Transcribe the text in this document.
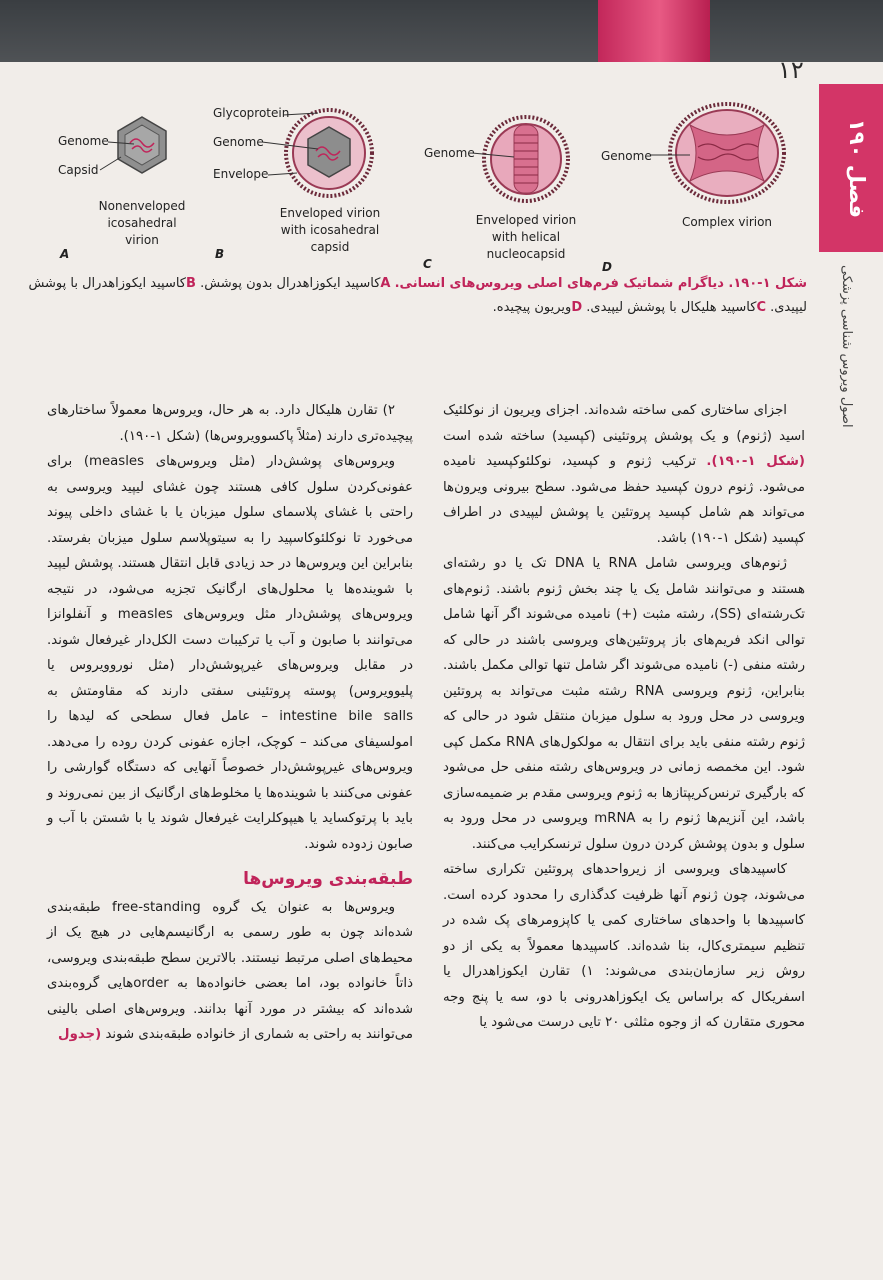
۱۲
فصل ۱۹۰
اصول ویروس شناسی پزشکی
Genome
Capsid
Nonenveloped
icosahedral
virion
A
Glycoprotein
Genome
Envelope
Enveloped virion
with icosahedral
capsid
B
Genome
Enveloped virion
with helical
nucleocapsid
C
Genome
Complex virion
D
شکل ۱-۱۹۰. دیاگرام شماتیک فرم‌های اصلی ویروس‌های انسانی. Aکاسپید ایکوزاهدرال بدون پوشش. Bکاسپید ایکوزاهدرال با پوشش لیپیدی. Cکاسپید هلیکال با پوشش لیپیدی. Dویریون پیچیده.

اجزای ساختاری کمی ساخته شده‌اند. اجزای ویریون از نوکلئیک اسید (ژنوم) و یک پوشش پروتئینی (کپسید) ساخته شده است (شکل ۱-۱۹۰). ترکیب ژنوم و کپسید، نوکلئوکپسید نامیده می‌شود. ژنوم درون کپسید حفظ می‌شود. سطح بیرونی ویرون‌ها می‌تواند هم شامل کپسید پروتئین یا پوشش لیپیدی در اطراف کپسید (شکل ۱-۱۹۰) باشد.

ژنوم‌های ویروسی شامل RNA یا DNA تک یا دو رشته‌ای هستند و می‌توانند شامل یک یا چند بخش ژنوم باشند. ژنوم‌های تک‌رشته‌ای (SS)، رشته مثبت (+) نامیده می‌شوند اگر آنها شامل توالی انکد فریم‌های باز پروتئین‌های ویروسی باشند در حالی که رشته منفی (-) نامیده می‌شوند اگر شامل تنها توالی مکمل باشند. بنابراین، ژنوم ویروسی RNA رشته مثبت می‌تواند به پروتئین ویروسی در محل ورود به سلول میزبان منتقل شود در حالی که ژنوم رشته منفی باید برای انتقال به مولکول‌های RNA مکمل کپی شود. این مخمصه زمانی در ویروس‌های رشته منفی حل می‌شود که بارگیری ترنس‌کریپتازها به ژنوم ویروسی مقدم بر ضمیمه‌سازی باشد، این آنزیم‌ها ژنوم را به mRNA ویروسی در محل ورود به سلول و بدون پوشش کردن درون سلول ترنسکرایب می‌کنند.

کاسپیدهای ویروسی از زیرواحدهای پروتئین تکراری ساخته می‌شوند، چون ژنوم آنها ظرفیت کدگذاری را محدود کرده است. کاسپیدها با واحدهای ساختاری کمی یا کاپزومرهای پک شده در تنظیم سیمتری‌کال، بنا شده‌اند. کاسپیدها معمولاً به یکی از دو روش زیر سازمان‌بندی می‌شوند: ۱) تقارن ایکوزاهدرال یا اسفریکال که براساس یک ایکوزاهدرونی با دو، سه یا پنج وجه محوری متقارن که از وجوه مثلثی ۲۰ تایی درست می‌شود یا

۲) تقارن هلیکال دارد. به هر حال، ویروس‌ها معمولاً ساختارهای پیچیده‌تری دارند (مثلاً پاکسوویروس‌ها) (شکل ۱-۱۹۰).

ویروس‌های پوشش‌دار (مثل ویروس‌های measles) برای عفونی‌کردن سلول کافی هستند چون غشای لیپید ویروسی به راحتی با غشای پلاسمای سلول میزبان یا با غشای داخلی پیوند می‌خورد تا نوکلئوکاسپید را به سیتوپلاسم سلول میزبان بفرستد. بنابراین این ویروس‌ها در حد زیادی قابل انتقال هستند. پوشش لیپید با شوینده‌ها یا محلول‌های ارگانیک تجزیه می‌شود، در نتیجه ویروس‌های پوشش‌دار مثل ویروس‌های measles و آنفلوانزا می‌توانند با صابون و آب یا ترکیبات دست الکل‌دار غیرفعال شوند. در مقابل ویروس‌های غیرپوشش‌دار (مثل نوروویروس یا پلیوویروس) پوسته پروتئینی سفتی دارند که مقاومتش به intestine bile salls – عامل فعال سطحی که لیدها را امولسیفای می‌کند – کوچک، اجازه عفونی کردن روده را می‌دهد. ویروس‌های غیرپوشش‌دار خصوصاً آنهایی که دستگاه گوارشی را عفونی می‌کنند با شوینده‌ها یا مخلوط‌های ارگانیک از بین نمی‌روند و باید با پرتوکساید یا هیپوکلرایت غیرفعال شوند یا با شستن با آب و صابون زدوده شوند.

طبقه‌بندی ویروس‌ها

ویروس‌ها به عنوان یک گروه free-standing طبقه‌بندی شده‌اند چون به طور رسمی به ارگانیسم‌هایی در هیچ یک از محیط‌های اصلی مرتبط نیستند. بالاترین سطح طبقه‌بندی ویروسی، ذاتاً خانواده بود، اما بعضی خانواده‌ها به orderهایی گروه‌بندی شده‌اند که بیشتر در مورد آنها بدانند. ویروس‌های اصلی بالینی می‌توانند به راحتی به شماری از خانواده طبقه‌بندی شوند (جدول
